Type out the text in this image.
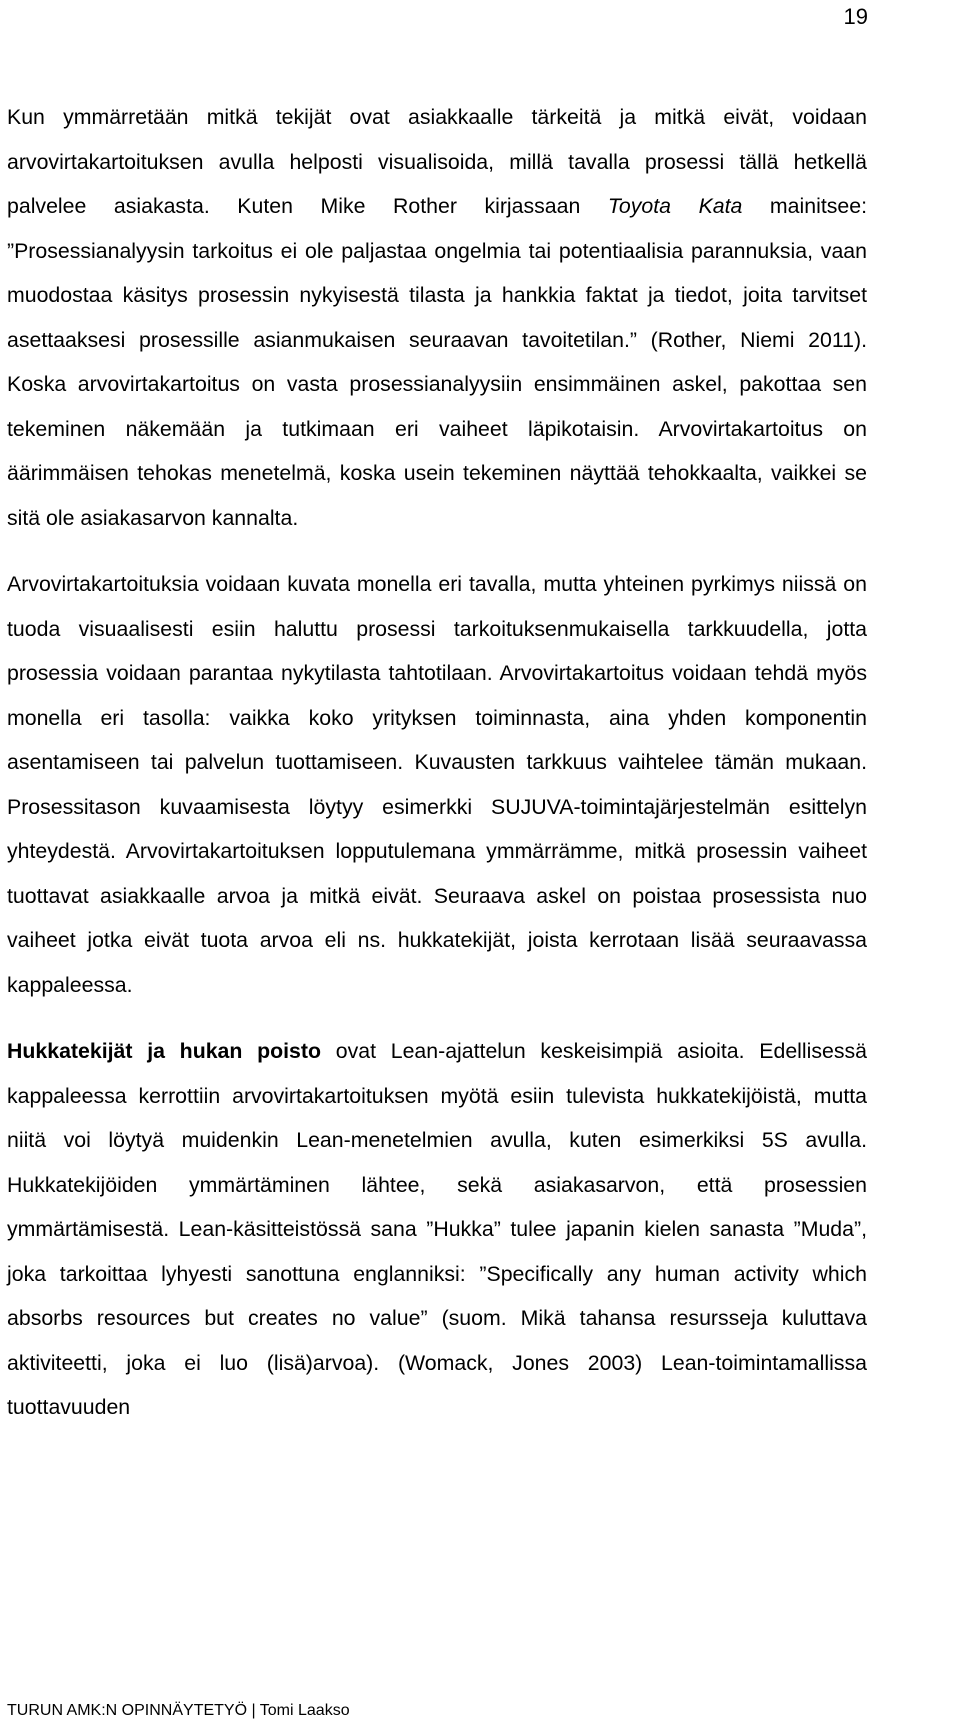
19

Kun ymmärretään mitkä tekijät ovat asiakkaalle tärkeitä ja mitkä eivät, voidaan arvovirtakartoituksen avulla helposti visualisoida, millä tavalla prosessi tällä hetkellä palvelee asiakasta. Kuten Mike Rother kirjassaan Toyota Kata mainitsee: ”Prosessianalyysin tarkoitus ei ole paljastaa ongelmia tai potentiaalisia parannuksia, vaan muodostaa käsitys prosessin nykyisestä tilasta ja hankkia faktat ja tiedot, joita tarvitset asettaaksesi prosessille asianmukaisen seuraavan tavoitetilan.” (Rother, Niemi 2011). Koska arvovirtakartoitus on vasta prosessianalyysiin ensimmäinen askel, pakottaa sen tekeminen näkemään ja tutkimaan eri vaiheet läpikotaisin. Arvovirtakartoitus on äärimmäisen tehokas menetelmä, koska usein tekeminen näyttää tehokkaalta, vaikkei se sitä ole asiakasarvon kannalta.

Arvovirtakartoituksia voidaan kuvata monella eri tavalla, mutta yhteinen pyrkimys niissä on tuoda visuaalisesti esiin haluttu prosessi tarkoituksenmukaisella tarkkuudella, jotta prosessia voidaan parantaa nykytilasta tahtotilaan. Arvovirtakartoitus voidaan tehdä myös monella eri tasolla: vaikka koko yrityksen toiminnasta, aina yhden komponentin asentamiseen tai palvelun tuottamiseen. Kuvausten tarkkuus vaihtelee tämän mukaan. Prosessitason kuvaamisesta löytyy esimerkki SUJUVA-toimintajärjestelmän esittelyn yhteydestä. Arvovirtakartoituksen lopputulemana ymmärrämme, mitkä prosessin vaiheet tuottavat asiakkaalle arvoa ja mitkä eivät. Seuraava askel on poistaa prosessista nuo vaiheet jotka eivät tuota arvoa eli ns. hukkatekijät, joista kerrotaan lisää seuraavassa kappaleessa.

Hukkatekijät ja hukan poisto ovat Lean-ajattelun keskeisimpiä asioita. Edellisessä kappaleessa kerrottiin arvovirtakartoituksen myötä esiin tulevista hukkatekijöistä, mutta niitä voi löytyä muidenkin Lean-menetelmien avulla, kuten esimerkiksi 5S avulla. Hukkatekijöiden ymmärtäminen lähtee, sekä asiakasarvon, että prosessien ymmärtämisestä. Lean-käsitteistössä sana ”Hukka” tulee japanin kielen sanasta ”Muda”, joka tarkoittaa lyhyesti sanottuna englanniksi: ”Specifically any human activity which absorbs resources but creates no value” (suom. Mikä tahansa resursseja kuluttava aktiviteetti, joka ei luo (lisä)arvoa). (Womack, Jones 2003) Lean-toimintamallissa tuottavuuden

TURUN AMK:N OPINNÄYTETYÖ | Tomi Laakso
